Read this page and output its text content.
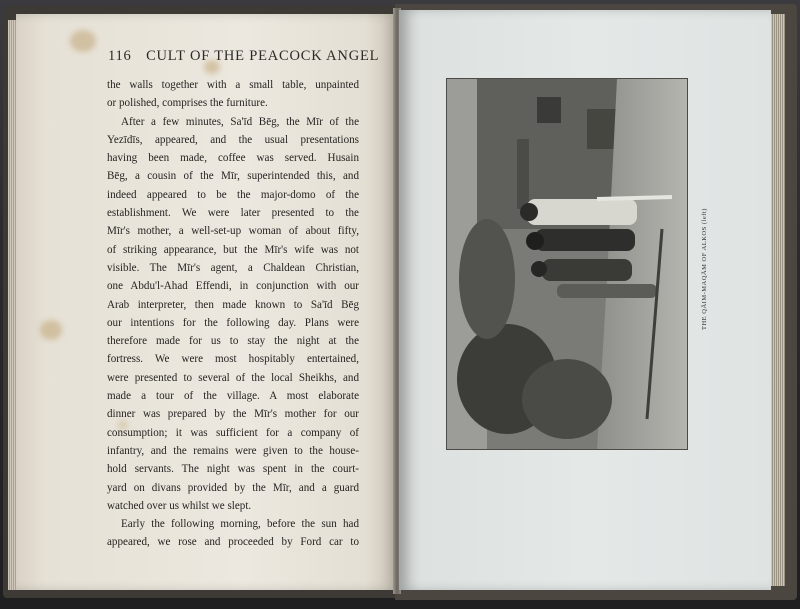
116 CULT OF THE PEACOCK ANGEL

the walls together with a small table, unpainted

or polished, comprises the furniture.

After a few minutes, Sa'īd Bēg, the Mīr of the

Yezīdīs, appeared, and the usual presentations

having been made, coffee was served. Husain

Bēg, a cousin of the Mīr, superintended this, and

indeed appeared to be the major-domo of the

establishment. We were later presented to the

Mīr's mother, a well-set-up woman of about fifty,

of striking appearance, but the Mīr's wife was not

visible. The Mīr's agent, a Chaldean Christian,

one Abdu'l-Ahad Effendi, in conjunction with our

Arab interpreter, then made known to Sa'īd Bēg

our intentions for the following day. Plans were

therefore made for us to stay the night at the

fortress. We were most hospitably entertained,

were presented to several of the local Sheikhs, and

made a tour of the village. A most elaborate

dinner was prepared by the Mīr's mother for our

consumption; it was sufficient for a company of

infantry, and the remains were given to the house-

hold servants. The night was spent in the court-

yard on divans provided by the Mīr, and a guard

watched over us whilst we slept.

Early the following morning, before the sun had

appeared, we rose and proceeded by Ford car to

THE QĀIM-MAQĀM OF ALKOS (left)
